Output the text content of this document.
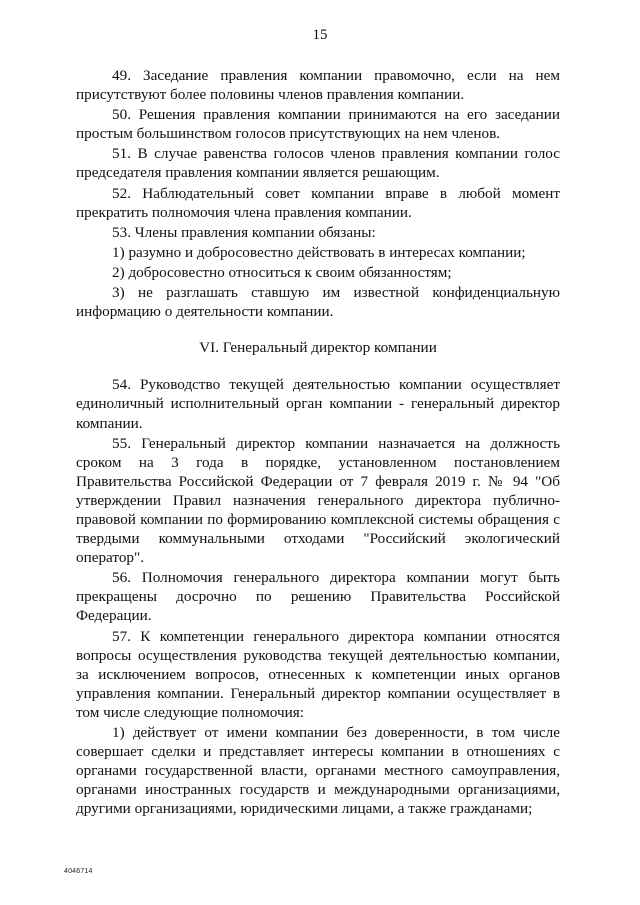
15

49. Заседание правления компании правомочно, если на нем присутствуют более половины членов правления компании.

50. Решения правления компании принимаются на его заседании простым большинством голосов присутствующих на нем членов.

51. В случае равенства голосов членов правления компании голос председателя правления компании является решающим.

52. Наблюдательный совет компании вправе в любой момент прекратить полномочия члена правления компании.

53. Члены правления компании обязаны:

1) разумно и добросовестно действовать в интересах компании;

2) добросовестно относиться к своим обязанностям;

3) не разглашать ставшую им известной конфиденциальную информацию о деятельности компании.

VI. Генеральный директор компании

54. Руководство текущей деятельностью компании осуществляет единоличный исполнительный орган компании - генеральный директор компании.

55. Генеральный директор компании назначается на должность сроком на 3 года в порядке, установленном постановлением Правительства Российской Федерации от 7 февраля 2019 г. № 94 "Об утверждении Правил назначения генерального директора публично-правовой компании по формированию комплексной системы обращения с твердыми коммунальными отходами "Российский экологический оператор".

56. Полномочия генерального директора компании могут быть прекращены досрочно по решению Правительства Российской Федерации.

57. К компетенции генерального директора компании относятся вопросы осуществления руководства текущей деятельностью компании, за исключением вопросов, отнесенных к компетенции иных органов управления компании. Генеральный директор компании осуществляет в том числе следующие полномочия:

1) действует от имени компании без доверенности, в том числе совершает сделки и представляет интересы компании в отношениях с органами государственной власти, органами местного самоуправления, органами иностранных государств и международными организациями, другими организациями, юридическими лицами, а также гражданами;

4046714
